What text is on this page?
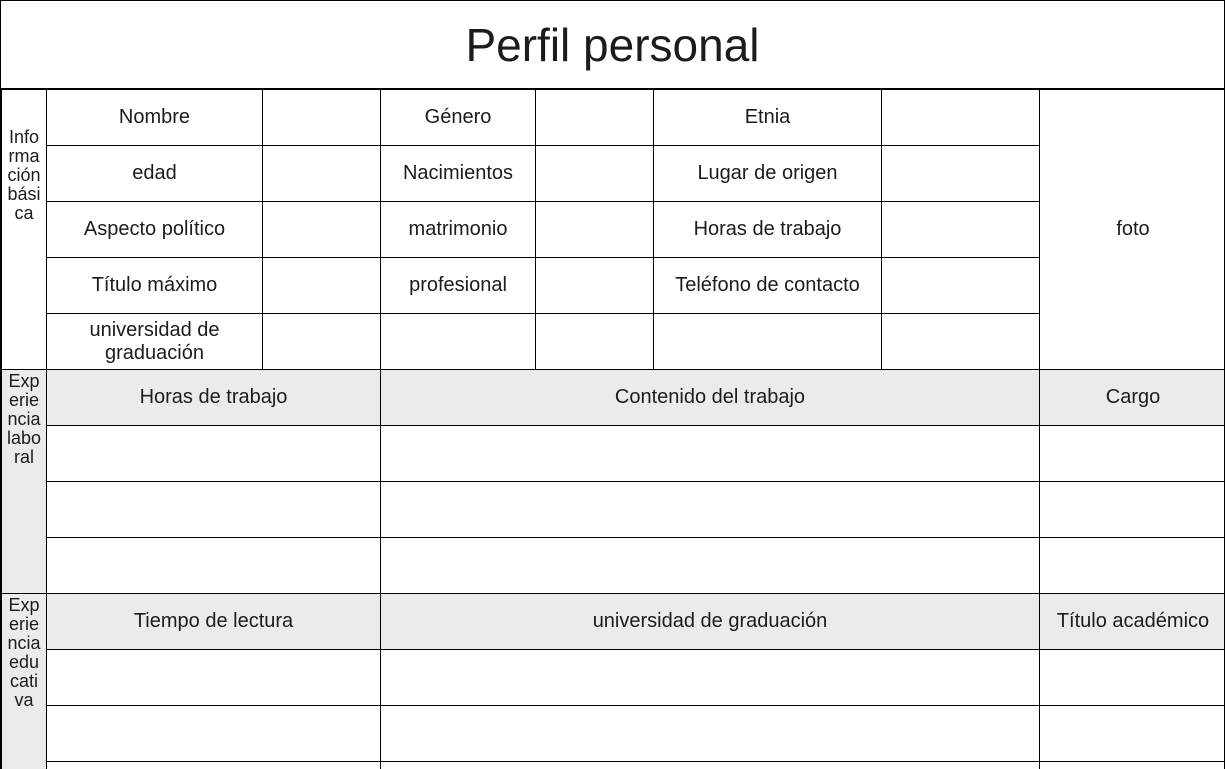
Perfil personal
Información básica	Nombre		Género		Etnia		foto
	edad		Nacimientos		Lugar de origen		
	Aspecto político		matrimonio		Horas de trabajo		
	Título máximo		profesional		Teléfono de contacto		
	universidad de graduación						
Experiencia laboral	Horas de trabajo		Contenido del trabajo				Cargo

Experiencia educativa	Tiempo de lectura		universidad de graduación				Título académico
